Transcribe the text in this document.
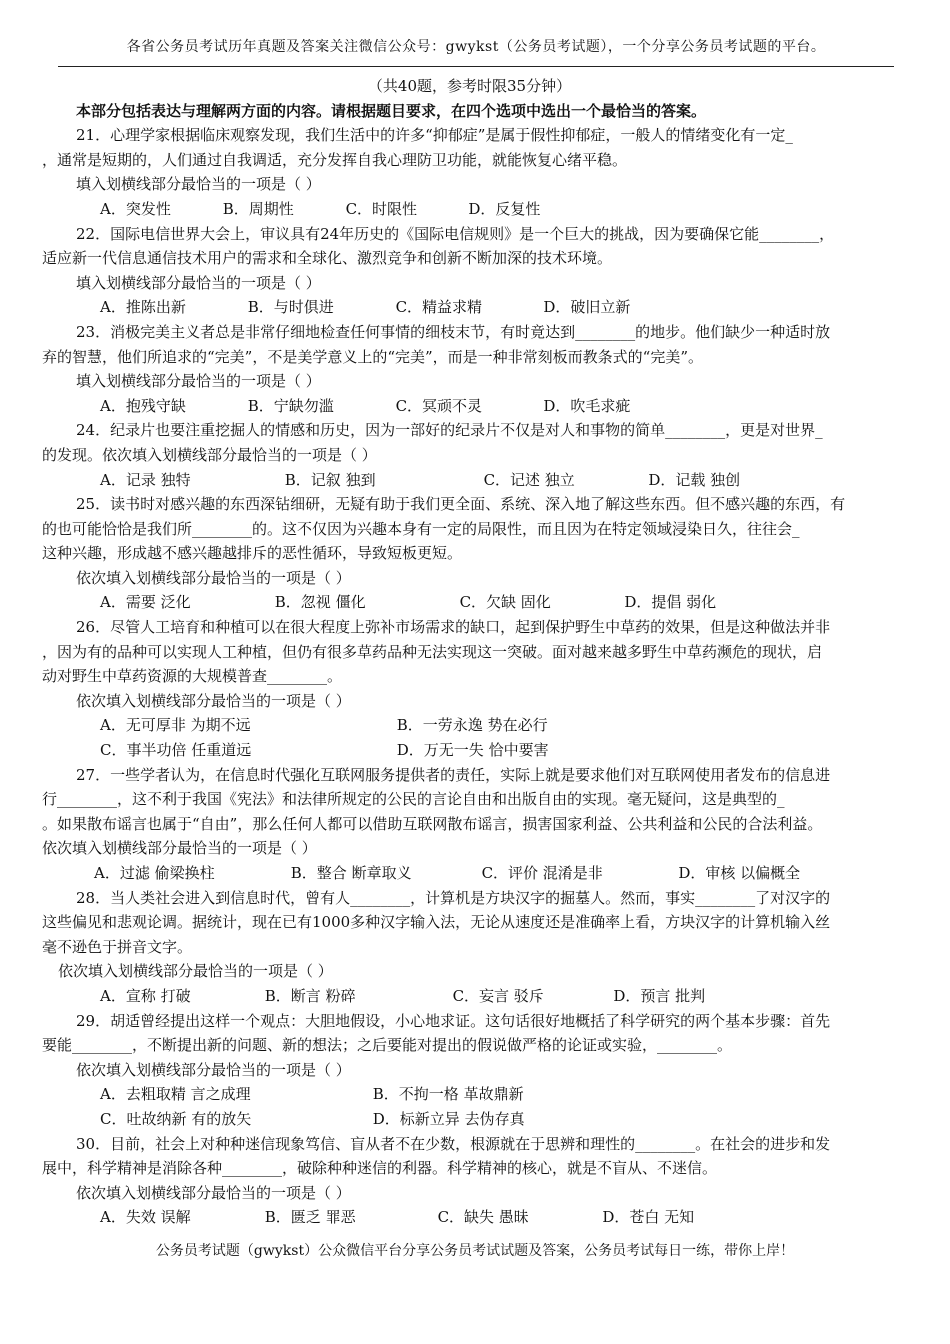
各省公务员考试历年真题及答案关注微信公众号：gwykst（公务员考试题），一个分享公务员考试题的平台。
（共40题，参考时限35分钟）
本部分包括表达与理解两方面的内容。请根据题目要求，在四个选项中选出一个最恰当的答案。
21．心理学家根据临床观察发现，我们生活中的许多“抑郁症”是属于假性抑郁症，一般人的情绪变化有一定_
，通常是短期的，人们通过自我调适，充分发挥自我心理防卫功能，就能恢复心绪平稳。
填入划横线部分最恰当的一项是（ ）
A．突发性	B．周期性	C．时限性	D．反复性
22．国际电信世界大会上，审议具有24年历史的《国际电信规则》是一个巨大的挑战，因为要确保它能________，
适应新一代信息通信技术用户的需求和全球化、激烈竞争和创新不断加深的技术环境。
填入划横线部分最恰当的一项是（ ）
A．推陈出新	B．与时俱进	C．精益求精	D．破旧立新
23．消极完美主义者总是非常仔细地检查任何事情的细枝末节，有时竟达到________的地步。他们缺少一种适时放
弃的智慧，他们所追求的“完美”，不是美学意义上的“完美”，而是一种非常刻板而教条式的“完美”。
填入划横线部分最恰当的一项是（ ）
A．抱残守缺	B．宁缺勿滥	C．冥顽不灵	D．吹毛求疵
24．纪录片也要注重挖掘人的情感和历史，因为一部好的纪录片不仅是对人和事物的简单________，更是对世界_
的发现。依次填入划横线部分最恰当的一项是（ ）
A．记录 独特	B．记叙 独到	C．记述 独立	D．记载 独创
25．读书时对感兴趣的东西深钻细研，无疑有助于我们更全面、系统、深入地了解这些东西。但不感兴趣的东西，有
的也可能恰恰是我们所________的。这不仅因为兴趣本身有一定的局限性，而且因为在特定领域浸染日久，往往会_
这种兴趣，形成越不感兴趣越排斥的恶性循环，导致短板更短。
依次填入划横线部分最恰当的一项是（ ）
A．需要 泛化	B．忽视 僵化	C．欠缺 固化	D．提倡 弱化
26．尽管人工培育和种植可以在很大程度上弥补市场需求的缺口，起到保护野生中草药的效果，但是这种做法并非
，因为有的品种可以实现人工种植，但仍有很多草药品种无法实现这一突破。面对越来越多野生中草药濒危的现状，启
动对野生中草药资源的大规模普查________。
依次填入划横线部分最恰当的一项是（ ）
A．无可厚非 为期不远	B．一劳永逸 势在必行
C．事半功倍 任重道远	D．万无一失 恰中要害
27．一些学者认为，在信息时代强化互联网服务提供者的责任，实际上就是要求他们对互联网使用者发布的信息进
行________，这不利于我国《宪法》和法律所规定的公民的言论自由和出版自由的实现。毫无疑问，这是典型的_
。如果散布谣言也属于“自由”，那么任何人都可以借助互联网散布谣言，损害国家利益、公共利益和公民的合法利益。
依次填入划横线部分最恰当的一项是（ ）
A．过滤 偷梁换柱	B．整合 断章取义	C．评价 混淆是非	D．审核 以偏概全
28．当人类社会进入到信息时代，曾有人________，计算机是方块汉字的掘墓人。然而，事实________了对汉字的
这些偏见和悲观论调。据统计，现在已有1000多种汉字输入法，无论从速度还是准确率上看，方块汉字的计算机输入丝
毫不逊色于拼音文字。
依次填入划横线部分最恰当的一项是（ ）
A．宣称 打破	B．断言 粉碎	C．妄言 驳斥	D．预言 批判
29．胡适曾经提出这样一个观点：大胆地假设，小心地求证。这句话很好地概括了科学研究的两个基本步骤：首先
要能________，不断提出新的问题、新的想法；之后要能对提出的假说做严格的论证或实验，________。
依次填入划横线部分最恰当的一项是（ ）
A．去粗取精 言之成理	B．不拘一格 革故鼎新
C．吐故纳新 有的放矢	D．标新立异 去伪存真
30．目前，社会上对种种迷信现象笃信、盲从者不在少数，根源就在于思辨和理性的________。在社会的进步和发
展中，科学精神是消除各种________，破除种种迷信的利器。科学精神的核心，就是不盲从、不迷信。
依次填入划横线部分最恰当的一项是（ ）
A．失效 误解	B．匮乏 罪恶	C．缺失 愚昧	D．苍白 无知
公务员考试题（gwykst）公众微信平台分享公务员考试试题及答案，公务员考试每日一练，带你上岸！
